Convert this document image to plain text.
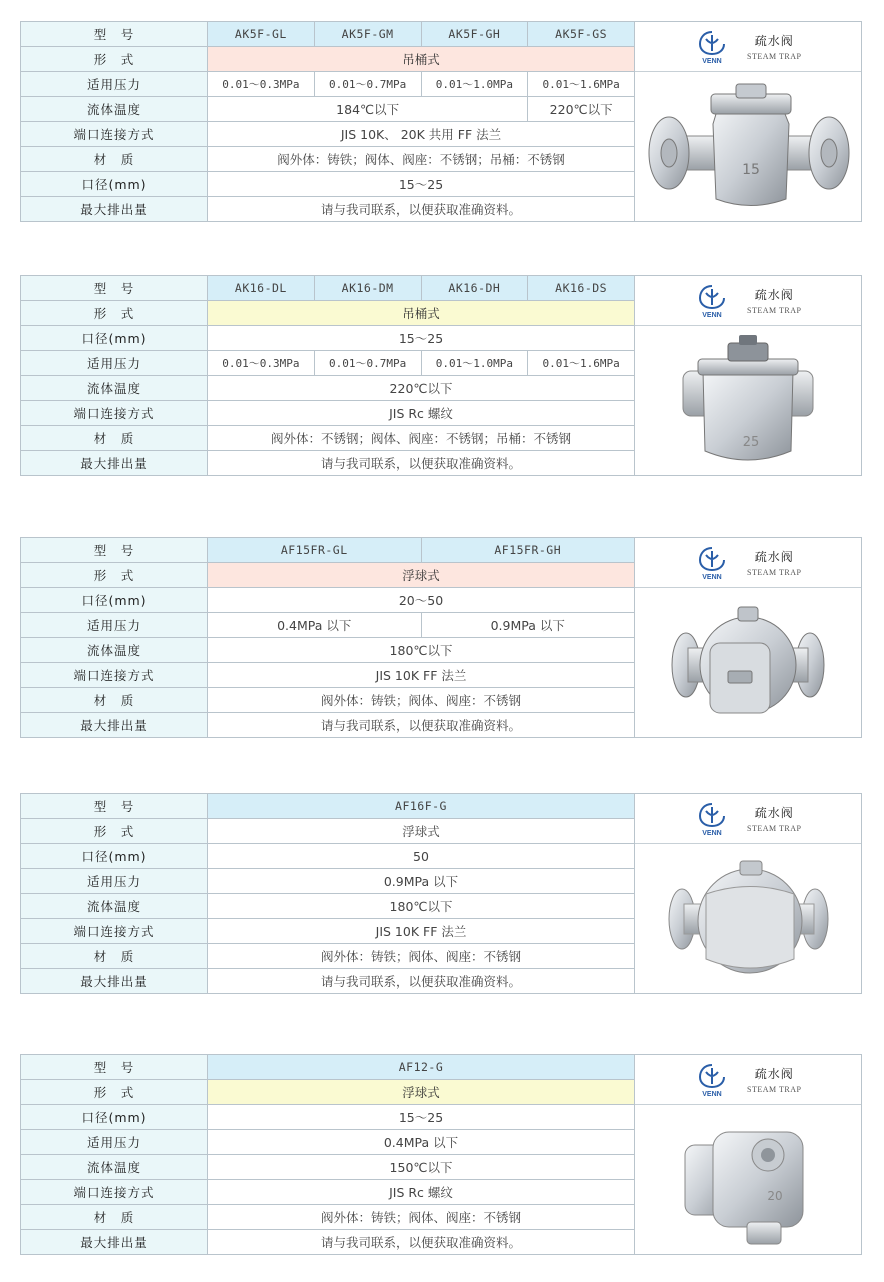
型　号	AK5F-GL	AK5F-GM	AK5F-GH	AK5F-GS
形　式	吊桶式			
适用压力	0.01～0.3MPa	0.01～0.7MPa	0.01～1.0MPa	0.01～1.6MPa
流体温度	184℃以下			220℃以下
端口连接方式	JIS 10K、 20K 共用 FF 法兰			
材　质	阀外体：铸铁；阀体、阀座：不锈钢；吊桶：不锈钢			
口径(mm)	15～25			
最大排出量	请与我司联系，以便获取准确资料。			
VENN
疏水阀
STEAM TRAP
15
型　号	AK16-DL	AK16-DM	AK16-DH	AK16-DS
形　式	吊桶式			
口径(mm)	15～25			
适用压力	0.01～0.3MPa	0.01～0.7MPa	0.01～1.0MPa	0.01～1.6MPa
流体温度	220℃以下			
端口连接方式	JIS Rc 螺纹			
材　质	阀外体：不锈钢；阀体、阀座：不锈钢；吊桶：不锈钢			
最大排出量	请与我司联系，以便获取准确资料。			
VENN
疏水阀
STEAM TRAP
25
型　号	AF15FR-GL	AF15FR-GH
形　式	浮球式	
口径(mm)	20～50	
适用压力	0.4MPa 以下	0.9MPa 以下
流体温度	180℃以下	
端口连接方式	JIS 10K FF 法兰	
材　质	阀外体：铸铁；阀体、阀座：不锈钢	
最大排出量	请与我司联系，以便获取准确资料。	
VENN
疏水阀
STEAM TRAP
型　号	AF16F-G
形　式	浮球式
口径(mm)	50
适用压力	0.9MPa 以下
流体温度	180℃以下
端口连接方式	JIS 10K FF 法兰
材　质	阀外体：铸铁；阀体、阀座：不锈钢
最大排出量	请与我司联系，以便获取准确资料。
VENN
疏水阀
STEAM TRAP
型　号	AF12-G
形　式	浮球式
口径(mm)	15～25
适用压力	0.4MPa 以下
流体温度	150℃以下
端口连接方式	JIS Rc 螺纹
材　质	阀外体：铸铁；阀体、阀座：不锈钢
最大排出量	请与我司联系，以便获取准确资料。
VENN
疏水阀
STEAM TRAP
20
